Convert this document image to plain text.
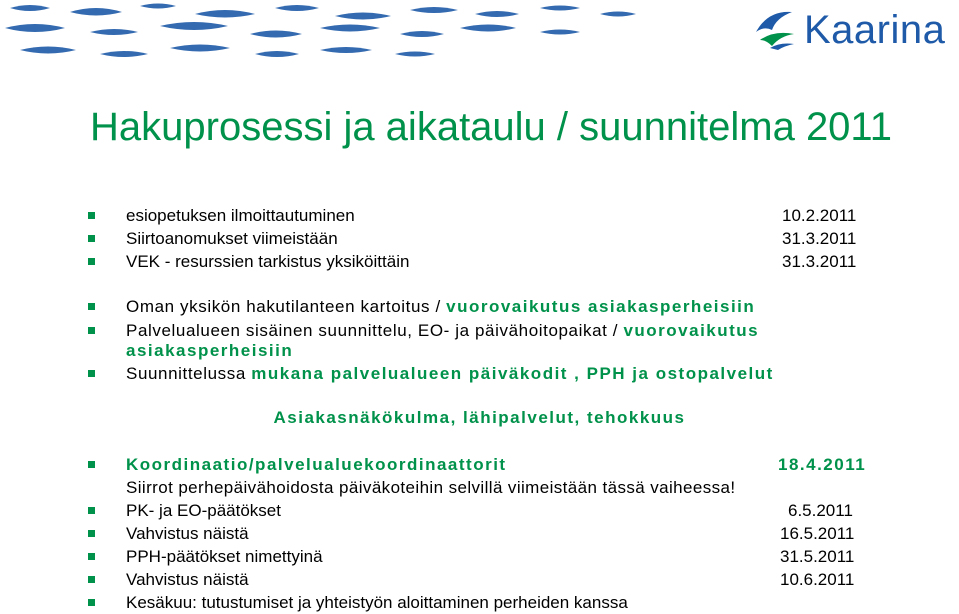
Kaarina
Hakuprosessi ja aikataulu / suunnitelma 2011
esiopetuksen ilmoittautuminen	10.2.2011
Siirtoanomukset viimeistään	31.3.2011
VEK - resurssien tarkistus yksiköittäin	31.3.2011
Oman yksikön hakutilanteen kartoitus / vuorovaikutus asiakasperheisiin
Palvelualueen sisäinen suunnittelu, EO- ja päivähoitopaikat / vuorovaikutus
asiakasperheisiin
Suunnittelussa mukana palvelualueen päiväkodit , PPH ja ostopalvelut
Asiakasnäkökulma, lähipalvelut, tehokkuus
Koordinaatio/palvelualuekoordinaattorit	18.4.2011
Siirrot perhepäivähoidosta päiväkoteihin selvillä viimeistään tässä vaiheessa!
PK- ja EO-päätökset	6.5.2011
Vahvistus näistä	16.5.2011
PPH-päätökset nimettyinä	31.5.2011
Vahvistus näistä	10.6.2011
Kesäkuu: tutustumiset ja yhteistyön aloittaminen perheiden kanssa
